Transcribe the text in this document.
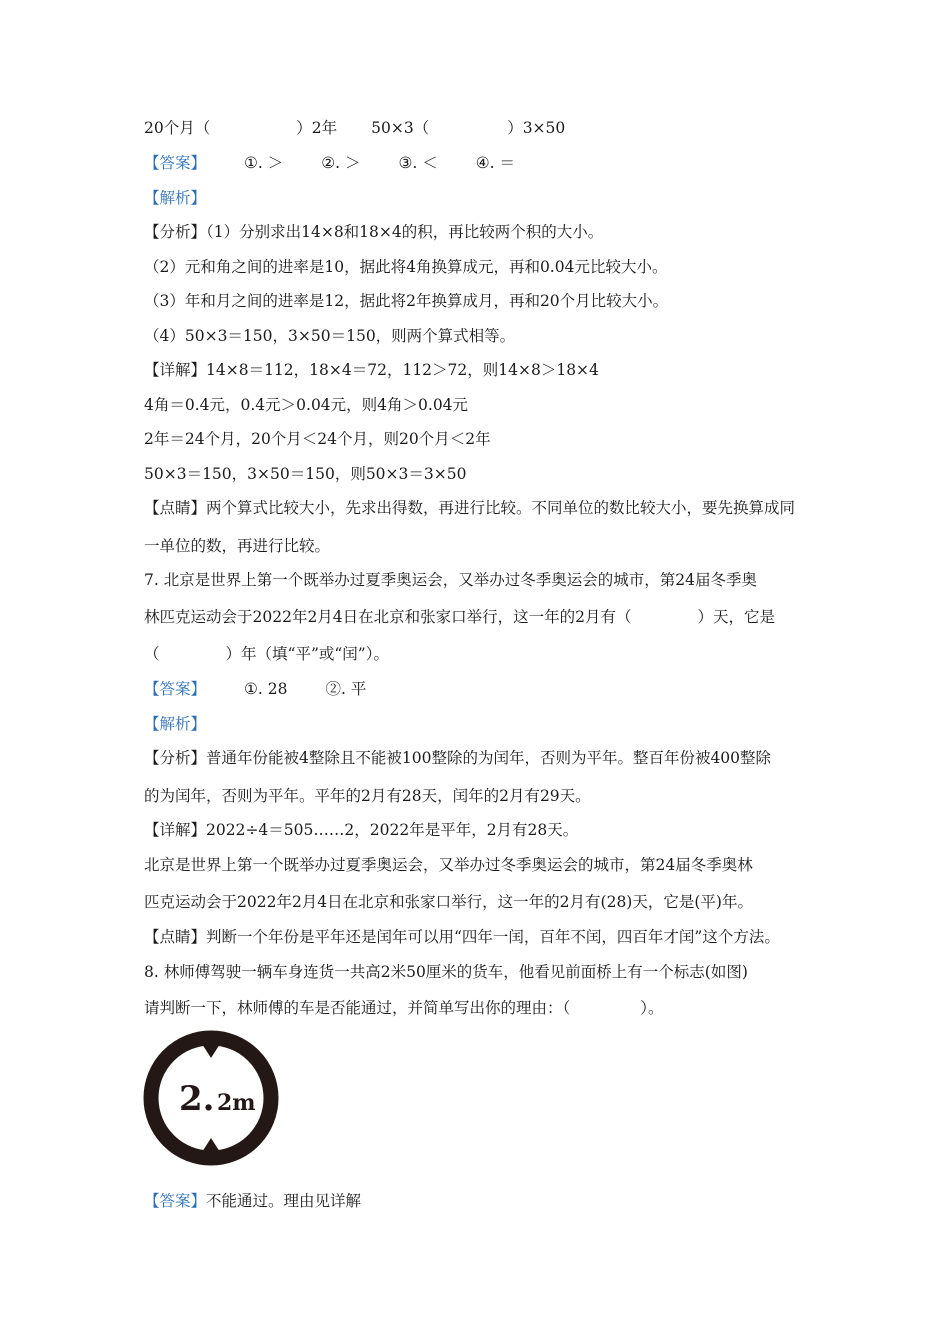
20个月（	）2年 50×3（	）3×50
【答案】 ①. ＞ ②. ＞ ③. ＜ ④. ＝
【解析】
【分析】（1）分别求出14×8和18×4的积，再比较两个积的大小。
（2）元和角之间的进率是10，据此将4角换算成元，再和0.04元比较大小。
（3）年和月之间的进率是12，据此将2年换算成月，再和20个月比较大小。
（4）50×3＝150，3×50＝150，则两个算式相等。
【详解】14×8＝112，18×4＝72，112＞72，则14×8＞18×4
4角＝0.4元，0.4元＞0.04元，则4角＞0.04元
2年＝24个月，20个月＜24个月，则20个月＜2年
50×3＝150，3×50＝150，则50×3＝3×50
【点睛】两个算式比较大小，先求出得数，再进行比较。不同单位的数比较大小，要先换算成同
一单位的数，再进行比较。
7. 北京是世界上第一个既举办过夏季奥运会，又举办过冬季奥运会的城市，第24届冬季奥
林匹克运动会于2022年2月4日在北京和张家口举行，这一年的2月有（	）天，它是
（	）年（填“平”或“闰”）。
【答案】 ①. 28 ②. 平
【解析】
【分析】普通年份能被4整除且不能被100整除的为闰年，否则为平年。整百年份被400整除
的为闰年，否则为平年。平年的2月有28天，闰年的2月有29天。
【详解】2022÷4＝505……2，2022年是平年，2月有28天。
北京是世界上第一个既举办过夏季奥运会，又举办过冬季奥运会的城市，第24届冬季奥林
匹克运动会于2022年2月4日在北京和张家口举行，这一年的2月有(28)天，它是(平)年。
【点睛】判断一个年份是平年还是闰年可以用“四年一闰，百年不闰，四百年才闰”这个方法。
8. 林师傅驾驶一辆车身连货一共高2米50厘米的货车，他看见前面桥上有一个标志(如图)
请判断一下，林师傅的车是否能通过，并简单写出你的理由：（	）。
2. 2m
【答案】不能通过。理由见详解
